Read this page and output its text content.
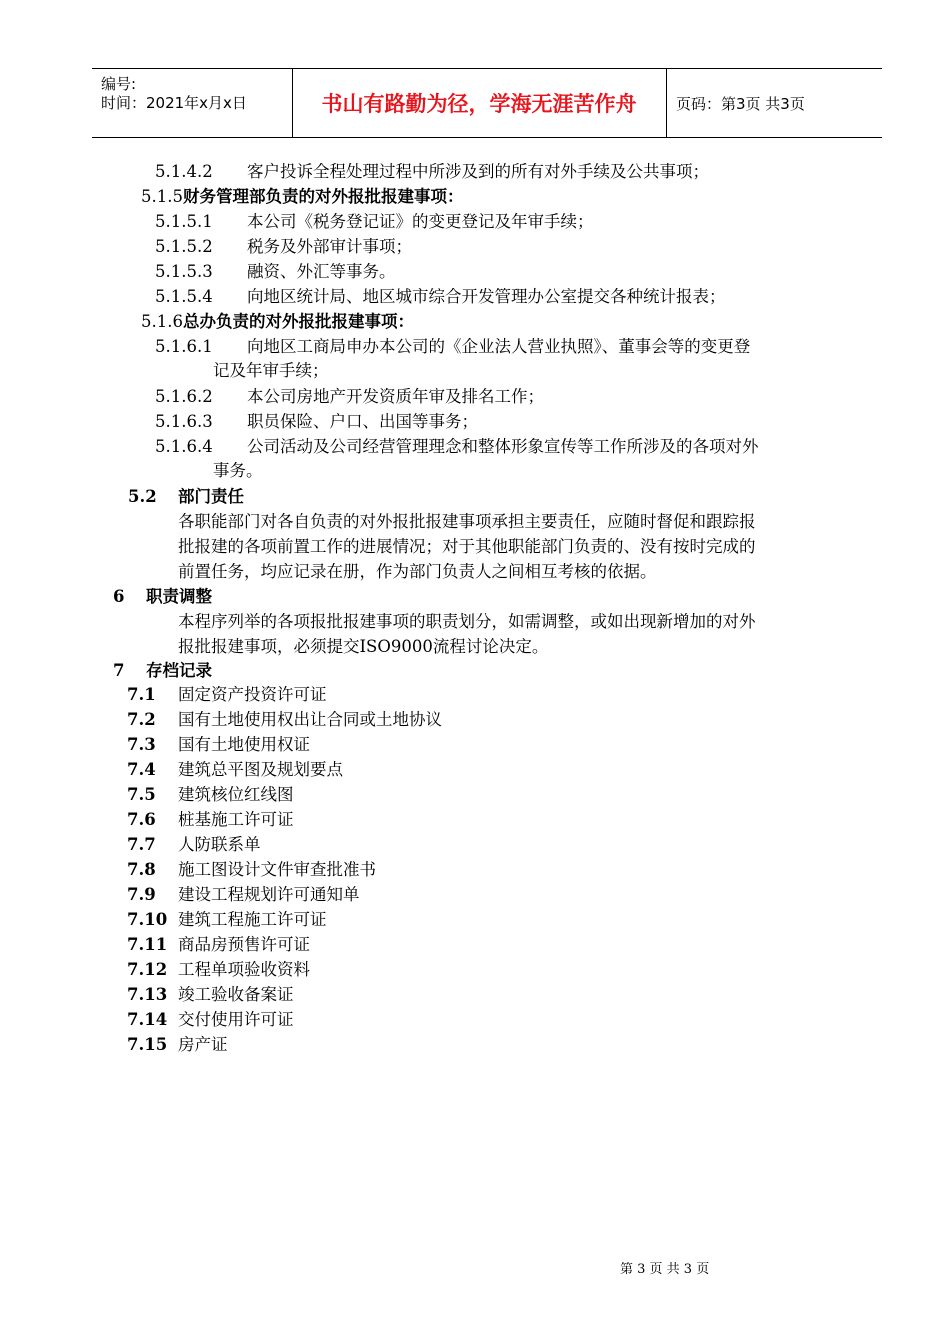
编号:
时间：2021年x月x日	书山有路勤为径，学海无涯苦作舟	页码：第3页 共3页
5.1.4.2 客户投诉全程处理过程中所涉及到的所有对外手续及公共事项；
5.1.5财务管理部负责的对外报批报建事项：
5.1.5.1 本公司《税务登记证》的变更登记及年审手续；
5.1.5.2 税务及外部审计事项；
5.1.5.3 融资、外汇等事务。
5.1.5.4 向地区统计局、地区城市综合开发管理办公室提交各种统计报表；
5.1.6总办负责的对外报批报建事项：
5.1.6.1 向地区工商局申办本公司的《企业法人营业执照》、董事会等的变更登
记及年审手续；
5.1.6.2 本公司房地产开发资质年审及排名工作；
5.1.6.3 职员保险、户口、出国等事务；
5.1.6.4 公司活动及公司经营管理理念和整体形象宣传等工作所涉及的各项对外
事务。
5.2 部门责任
各职能部门对各自负责的对外报批报建事项承担主要责任，应随时督促和跟踪报
批报建的各项前置工作的进展情况；对于其他职能部门负责的、没有按时完成的
前置任务，均应记录在册，作为部门负责人之间相互考核的依据。
6 职责调整
本程序列举的各项报批报建事项的职责划分，如需调整，或如出现新增加的对外
报批报建事项，必须提交ISO9000流程讨论决定。
7 存档记录
7.1 固定资产投资许可证
7.2 国有土地使用权出让合同或土地协议
7.3 国有土地使用权证
7.4 建筑总平图及规划要点
7.5 建筑核位红线图
7.6 桩基施工许可证
7.7 人防联系单
7.8 施工图设计文件审查批准书
7.9 建设工程规划许可通知单
7.10 建筑工程施工许可证
7.11 商品房预售许可证
7.12 工程单项验收资料
7.13 竣工验收备案证
7.14 交付使用许可证
7.15 房产证
第 3 页 共 3 页
